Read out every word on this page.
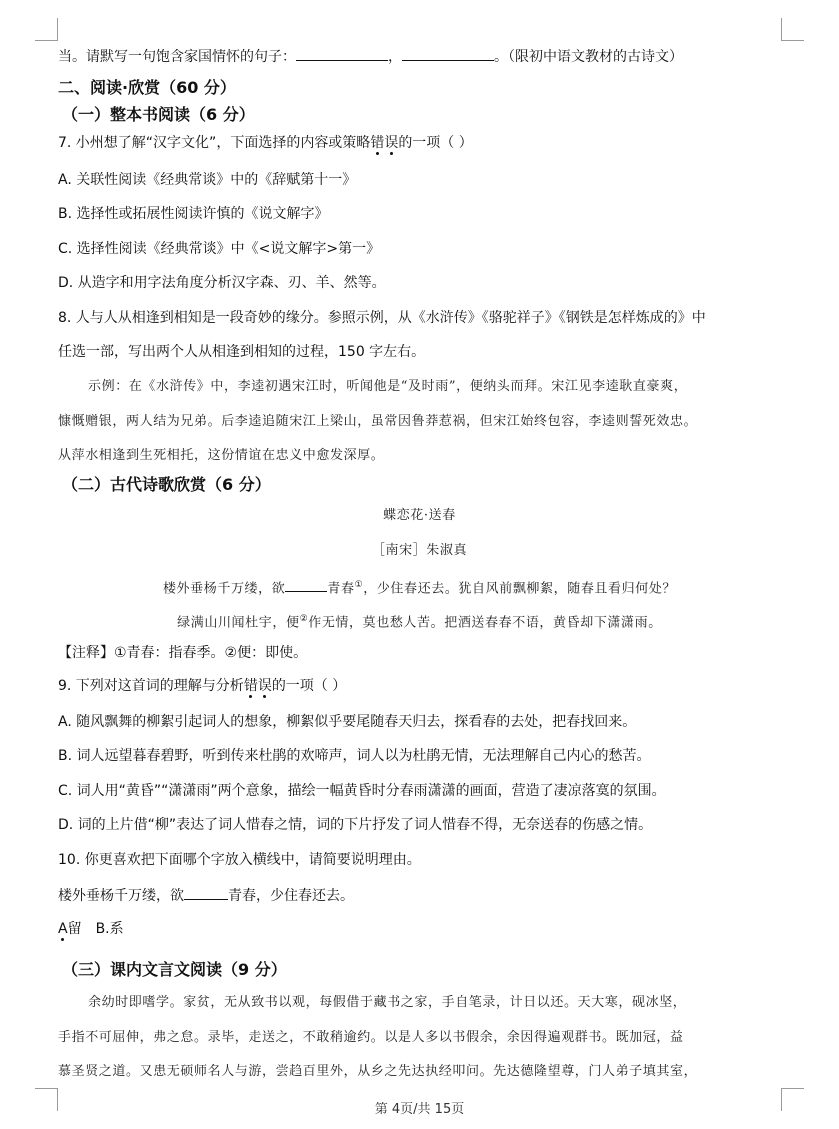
当。请默写一句饱含家国情怀的句子：	，	。（限初中语文教材的古诗文）
二、阅读·欣赏（60 分）
（一）整本书阅读（6 分）
7. 小州想了解“汉字文化”，下面选择的内容或策略错误的一项（ ）
A. 关联性阅读《经典常谈》中的《辞赋第十一》
B. 选择性或拓展性阅读许慎的《说文解字》
C. 选择性阅读《经典常谈》中《<说文解字>第一》
D. 从造字和用字法角度分析汉字森、刃、羊、然等。
8. 人与人从相逢到相知是一段奇妙的缘分。参照示例，从《水浒传》《骆驼祥子》《钢铁是怎样炼成的》中
任选一部，写出两个人从相逢到相知的过程，150 字左右。
示例：在《水浒传》中，李逵初遇宋江时，听闻他是“及时雨”，便纳头而拜。宋江见李逵耿直豪爽，
慷慨赠银，两人结为兄弟。后李逵追随宋江上梁山，虽常因鲁莽惹祸，但宋江始终包容，李逵则誓死效忠。
从萍水相逢到生死相托，这份情谊在忠义中愈发深厚。
（二）古代诗歌欣赏（6 分）
蝶恋花·送春
［南宋］朱淑真
楼外垂杨千万缕，欲	青春①，少住春还去。犹自风前飘柳絮，随春且看归何处？
绿满山川闻杜宇，便②作无情，莫也愁人苦。把酒送春春不语，黄昏却下潇潇雨。
【注释】①青春：指春季。②便：即使。
9. 下列对这首词的理解与分析错误的一项（ ）
A. 随风飘舞的柳絮引起词人的想象，柳絮似乎要尾随春天归去，探看春的去处，把春找回来。
B. 词人远望暮春碧野，听到传来杜鹃的欢啼声，词人以为杜鹃无情，无法理解自己内心的愁苦。
C. 词人用“黄昏”“潇潇雨”两个意象，描绘一幅黄昏时分春雨潇潇的画面，营造了凄凉落寞的氛围。
D. 词的上片借“柳”表达了词人惜春之情，词的下片抒发了词人惜春不得，无奈送春的伤感之情。
10. 你更喜欢把下面哪个字放入横线中，请简要说明理由。
楼外垂杨千万缕，欲	青春，少住春还去。
A留 B.系
（三）课内文言文阅读（9 分）
余幼时即嗜学。家贫，无从致书以观，每假借于藏书之家，手自笔录，计日以还。天大寒，砚冰坚，
手指不可屈伸，弗之怠。录毕，走送之，不敢稍逾约。以是人多以书假余，余因得遍观群书。既加冠，益
慕圣贤之道。又患无硕师名人与游，尝趋百里外，从乡之先达执经叩问。先达德隆望尊，门人弟子填其室，
第 4页/共 15页
